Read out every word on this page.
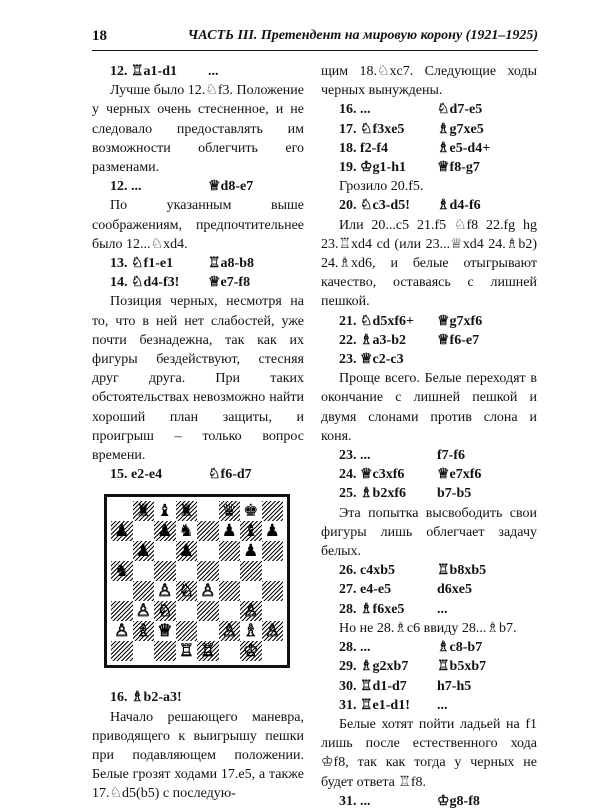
18	ЧАСТЬ III. Претендент на мировую корону (1921–1925)
12. ♖a1-d1	...

Лучше было 12.♘f3. Положение у черных очень стесненное, и не следовало предоставлять им возможности облегчить его разменами.

12. ...	♕d8-e7

По указанным выше соображениям, предпочтительнее было 12...♘xd4.

13. ♘f1-e1	♖a8-b8
14. ♘d4-f3!	♕e7-f8

Позиция черных, несмотря на то, что в ней нет слабостей, уже почти безнадежна, так как их фигуры бездействуют, стесняя друг друга. При таких обстоятельствах невозможно найти хороший план защиты, и проигрыш – только вопрос времени.

15. e2-e4	♘f6-d7
♜ ♜ ♛ ♚
♟ ♟ ♞ ♟ ♝
♟ ♟	♟
♝
♟
♞
♙ ♙
♘
♘	♙
♙
♙ ♗ ♕	♙ ♗ ♙
♖ ♖ ♔
16. ♗b2-a3!

Начало решающего маневра, приводящего к выигрышу пешки при подавляющем положении. Белые грозят ходами 17.e5, а также 17.♘d5(b5) с последую-

щим 18.♘xc7. Следующие ходы черных вынуждены.

16. ...	♘d7-e5
17. ♘f3xe5	♗g7xe5
18. f2-f4	♗e5-d4+
19. ♔g1-h1	♕f8-g7

Грозило 20.f5.

20. ♘c3-d5!	♗d4-f6

Или 20...c5 21.f5 ♘f8 22.fg hg 23.♖xd4 cd (или 23...♕xd4 24.♗b2) 24.♗xd6, и белые отыгрывают качество, оставаясь с лишней пешкой.

21. ♘d5xf6+	♕g7xf6
22. ♗a3-b2	♕f6-e7
23. ♕c2-c3

Проще всего. Белые переходят в окончание с лишней пешкой и двумя слонами против слона и коня.

23. ...	f7-f6
24. ♕c3xf6	♕e7xf6
25. ♗b2xf6	b7-b5

Эта попытка высвободить свои фигуры лишь облегчает задачу белых.

26. c4xb5	♖b8xb5
27. e4-e5	d6xe5
28. ♗f6xe5	...

Но не 28.♗c6 ввиду 28...♗b7.

28. ...	♗c8-b7
29. ♗g2xb7	♖b5xb7
30. ♖d1-d7	h7-h5
31. ♖e1-d1!	...

Белые хотят пойти ладьей на f1 лишь после естественного хода ♔f8, так как тогда у черных не будет ответа ♖f8.

31. ...	♔g8-f8
